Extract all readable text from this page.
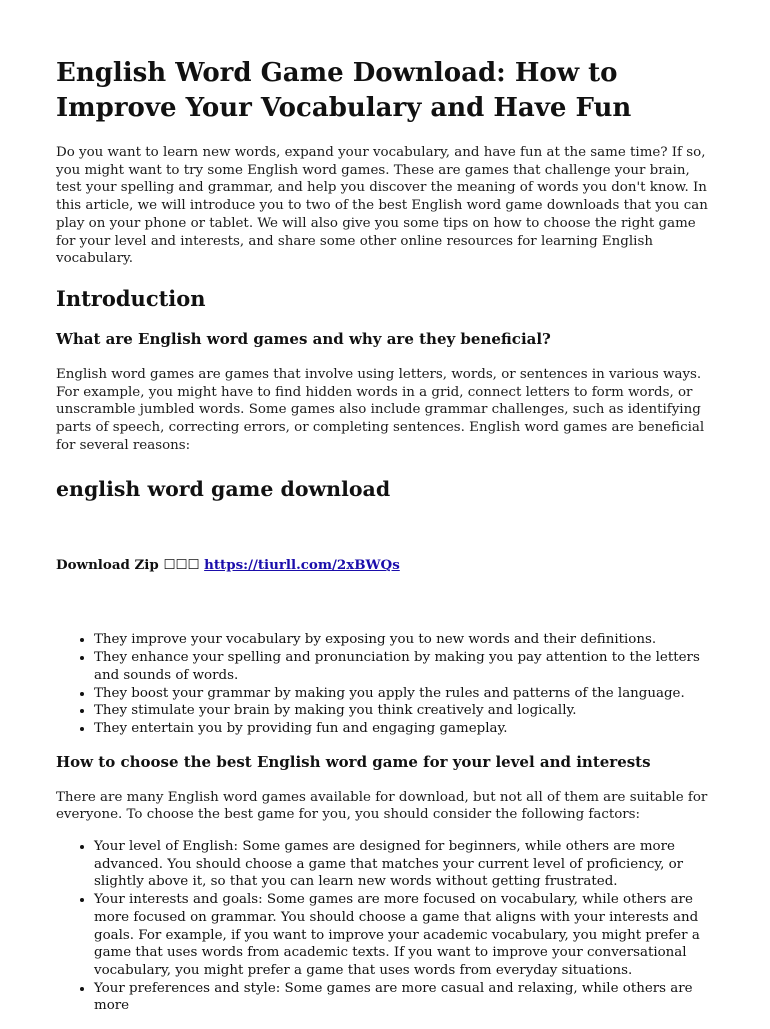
English Word Game Download: How to Improve Your Vocabulary and Have Fun

Do you want to learn new words, expand your vocabulary, and have fun at the same time? If so, you might want to try some English word games. These are games that challenge your brain, test your spelling and grammar, and help you discover the meaning of words you don't know. In this article, we will introduce you to two of the best English word game downloads that you can play on your phone or tablet. We will also give you some tips on how to choose the right game for your level and interests, and share some other online resources for learning English vocabulary.

Introduction
What are English word games and why are they beneficial?

English word games are games that involve using letters, words, or sentences in various ways. For example, you might have to find hidden words in a grid, connect letters to form words, or unscramble jumbled words. Some games also include grammar challenges, such as identifying parts of speech, correcting errors, or completing sentences. English word games are beneficial for several reasons:

english word game download
Download Zip ☐☐☐ https://tiurll.com/2xBWQs
• They improve your vocabulary by exposing you to new words and their definitions.
• They enhance your spelling and pronunciation by making you pay attention to the letters and sounds of words.
• They boost your grammar by making you apply the rules and patterns of the language.
• They stimulate your brain by making you think creatively and logically.
• They entertain you by providing fun and engaging gameplay.
How to choose the best English word game for your level and interests

There are many English word games available for download, but not all of them are suitable for everyone. To choose the best game for you, you should consider the following factors:

• Your level of English: Some games are designed for beginners, while others are more advanced. You should choose a game that matches your current level of proficiency, or slightly above it, so that you can learn new words without getting frustrated.
• Your interests and goals: Some games are more focused on vocabulary, while others are more focused on grammar. You should choose a game that aligns with your interests and goals. For example, if you want to improve your academic vocabulary, you might prefer a game that uses words from academic texts. If you want to improve your conversational vocabulary, you might prefer a game that uses words from everyday situations.
• Your preferences and style: Some games are more casual and relaxing, while others are more
